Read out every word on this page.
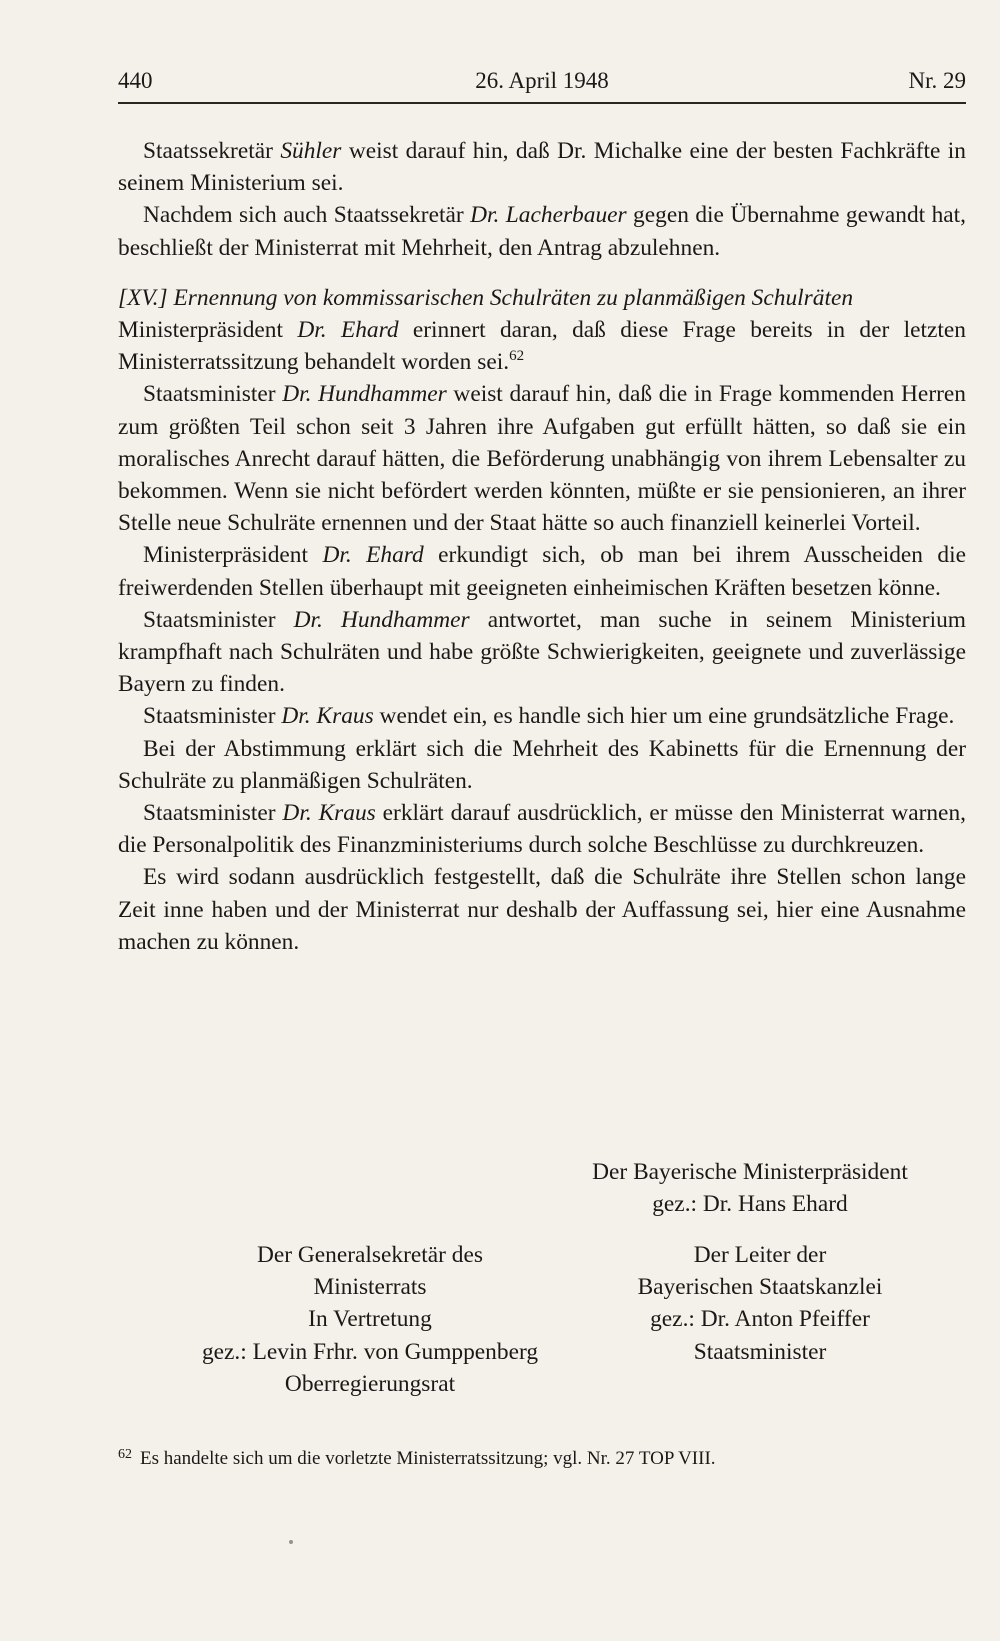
440	26. April 1948	Nr. 29

Staatssekretär Sühler weist darauf hin, daß Dr. Michalke eine der besten Fachkräfte in seinem Ministerium sei.

Nachdem sich auch Staatssekretär Dr. Lacherbauer gegen die Übernahme gewandt hat, beschließt der Ministerrat mit Mehrheit, den Antrag abzulehnen.

[XV.] Ernennung von kommissarischen Schulräten zu planmäßigen Schulräten

Ministerpräsident Dr. Ehard erinnert daran, daß diese Frage bereits in der letzten Ministerratssitzung behandelt worden sei.$^{62}$

Staatsminister Dr. Hundhammer weist darauf hin, daß die in Frage kommenden Herren zum größten Teil schon seit 3 Jahren ihre Aufgaben gut erfüllt hätten, so daß sie ein moralisches Anrecht darauf hätten, die Beförderung unabhängig von ihrem Lebensalter zu bekommen. Wenn sie nicht befördert werden könnten, müßte er sie pensionieren, an ihrer Stelle neue Schulräte ernennen und der Staat hätte so auch finanziell keinerlei Vorteil.

Ministerpräsident Dr. Ehard erkundigt sich, ob man bei ihrem Ausscheiden die freiwerdenden Stellen überhaupt mit geeigneten einheimischen Kräften besetzen könne.

Staatsminister Dr. Hundhammer antwortet, man suche in seinem Ministerium krampfhaft nach Schulräten und habe größte Schwierigkeiten, geeignete und zuverlässige Bayern zu finden.

Staatsminister Dr. Kraus wendet ein, es handle sich hier um eine grundsätzliche Frage.

Bei der Abstimmung erklärt sich die Mehrheit des Kabinetts für die Ernennung der Schulräte zu planmäßigen Schulräten.

Staatsminister Dr. Kraus erklärt darauf ausdrücklich, er müsse den Ministerrat warnen, die Personalpolitik des Finanzministeriums durch solche Beschlüsse zu durchkreuzen.

Es wird sodann ausdrücklich festgestellt, daß die Schulräte ihre Stellen schon lange Zeit inne haben und der Ministerrat nur deshalb der Auffassung sei, hier eine Ausnahme machen zu können.

Der Bayerische Ministerpräsident
gez.: Dr. Hans Ehard
Der Generalsekretär des
Ministerrats
In Vertretung
gez.: Levin Frhr. von Gumppenberg
Oberregierungsrat
Der Leiter der
Bayerischen Staatskanzlei
gez.: Dr. Anton Pfeiffer
Staatsminister
$^{62}$ Es handelte sich um die vorletzte Ministerratssitzung; vgl. Nr. 27 TOP VIII.
